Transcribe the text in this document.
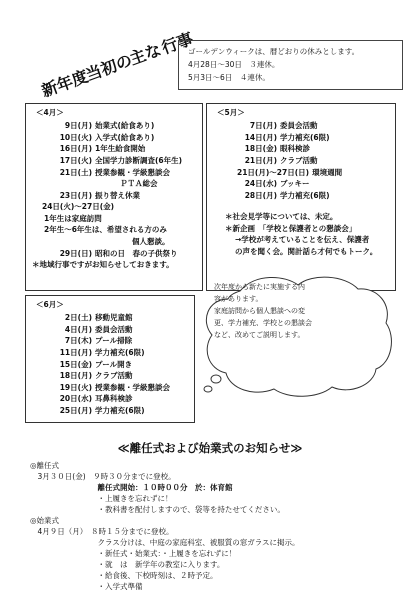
新年度
当初の
主な
行事
ゴールデンウィークは、暦どおりの休みとします。
4月28日～30日　３連休。
5月3日～6日　４連休。
＜4月＞
9日(月) 始業式(給食あり)
10日(火) 入学式(給食あり)
16日(月) 1年生給食開始
17日(火) 全国学力診断調査(6年生)
21日(土) 授業参観・学級懇談会
ＰＴＡ総会
23日(月) 振り替え休業
24日(火)～27日(金)
1年生は家庭訪問
2年生～6年生は、希望される方のみ
個人懇談。
29日(日) 昭和の日　春の子供祭り
＊地域行事ですがお知らせしておきます。
＜5月＞
7日(月) 委員会活動
14日(月) 学力補充(6限)
18日(金) 眼科検診
21日(月) クラブ活動
21日(月)～27日(日) 環境週間
24日(水) ブッキー
28日(月) 学力補充(6限)
＊社会見学等については、未定。
＊新企画　「学校と保護者との懇談会」
→学校が考えていることを伝え、保護者
の声を聞く会。関計話ら才何でもトーク。
＜6月＞
2日(土) 移動児童館
4日(月) 委員会活動
7日(木) プール掃除
11日(月) 学力補充(6限)
15日(金) プール開き
18日(月) クラブ活動
19日(火) 授業参観・学級懇談会
20日(水) 耳鼻科検診
25日(月) 学力補充(6限)
次年度から新たに実施する内
容があります。
家庭訪問から個人懇談への変
更、学力補充、学校との懇談会
など、改めてご説明します。
≪離任式および始業式のお知らせ≫
◎離任式
　3月３０日(金)　９時３０分までに登校。
　　　　　　　　　離任式開始：１０時００分　於：体育館
　　　　　　　　　・上履きを忘れずに！
　　　　　　　　　・教科書を配付しますので、袋等を持たせてください。
◎始業式
　4月９日（月）　８時１５分までに登校。
　　　　　　　　　クラス分けは、中庭の家庭科室、被服質の窓ガラスに掲示。
　　　　　　　　　・新任式・始業式：・上履きを忘れずに！
　　　　　　　　　・就　は　新学年の教室に入ります。
　　　　　　　　　・給食後、下校時刻は、２時予定。
　　　　　　　　　・入学式準備
